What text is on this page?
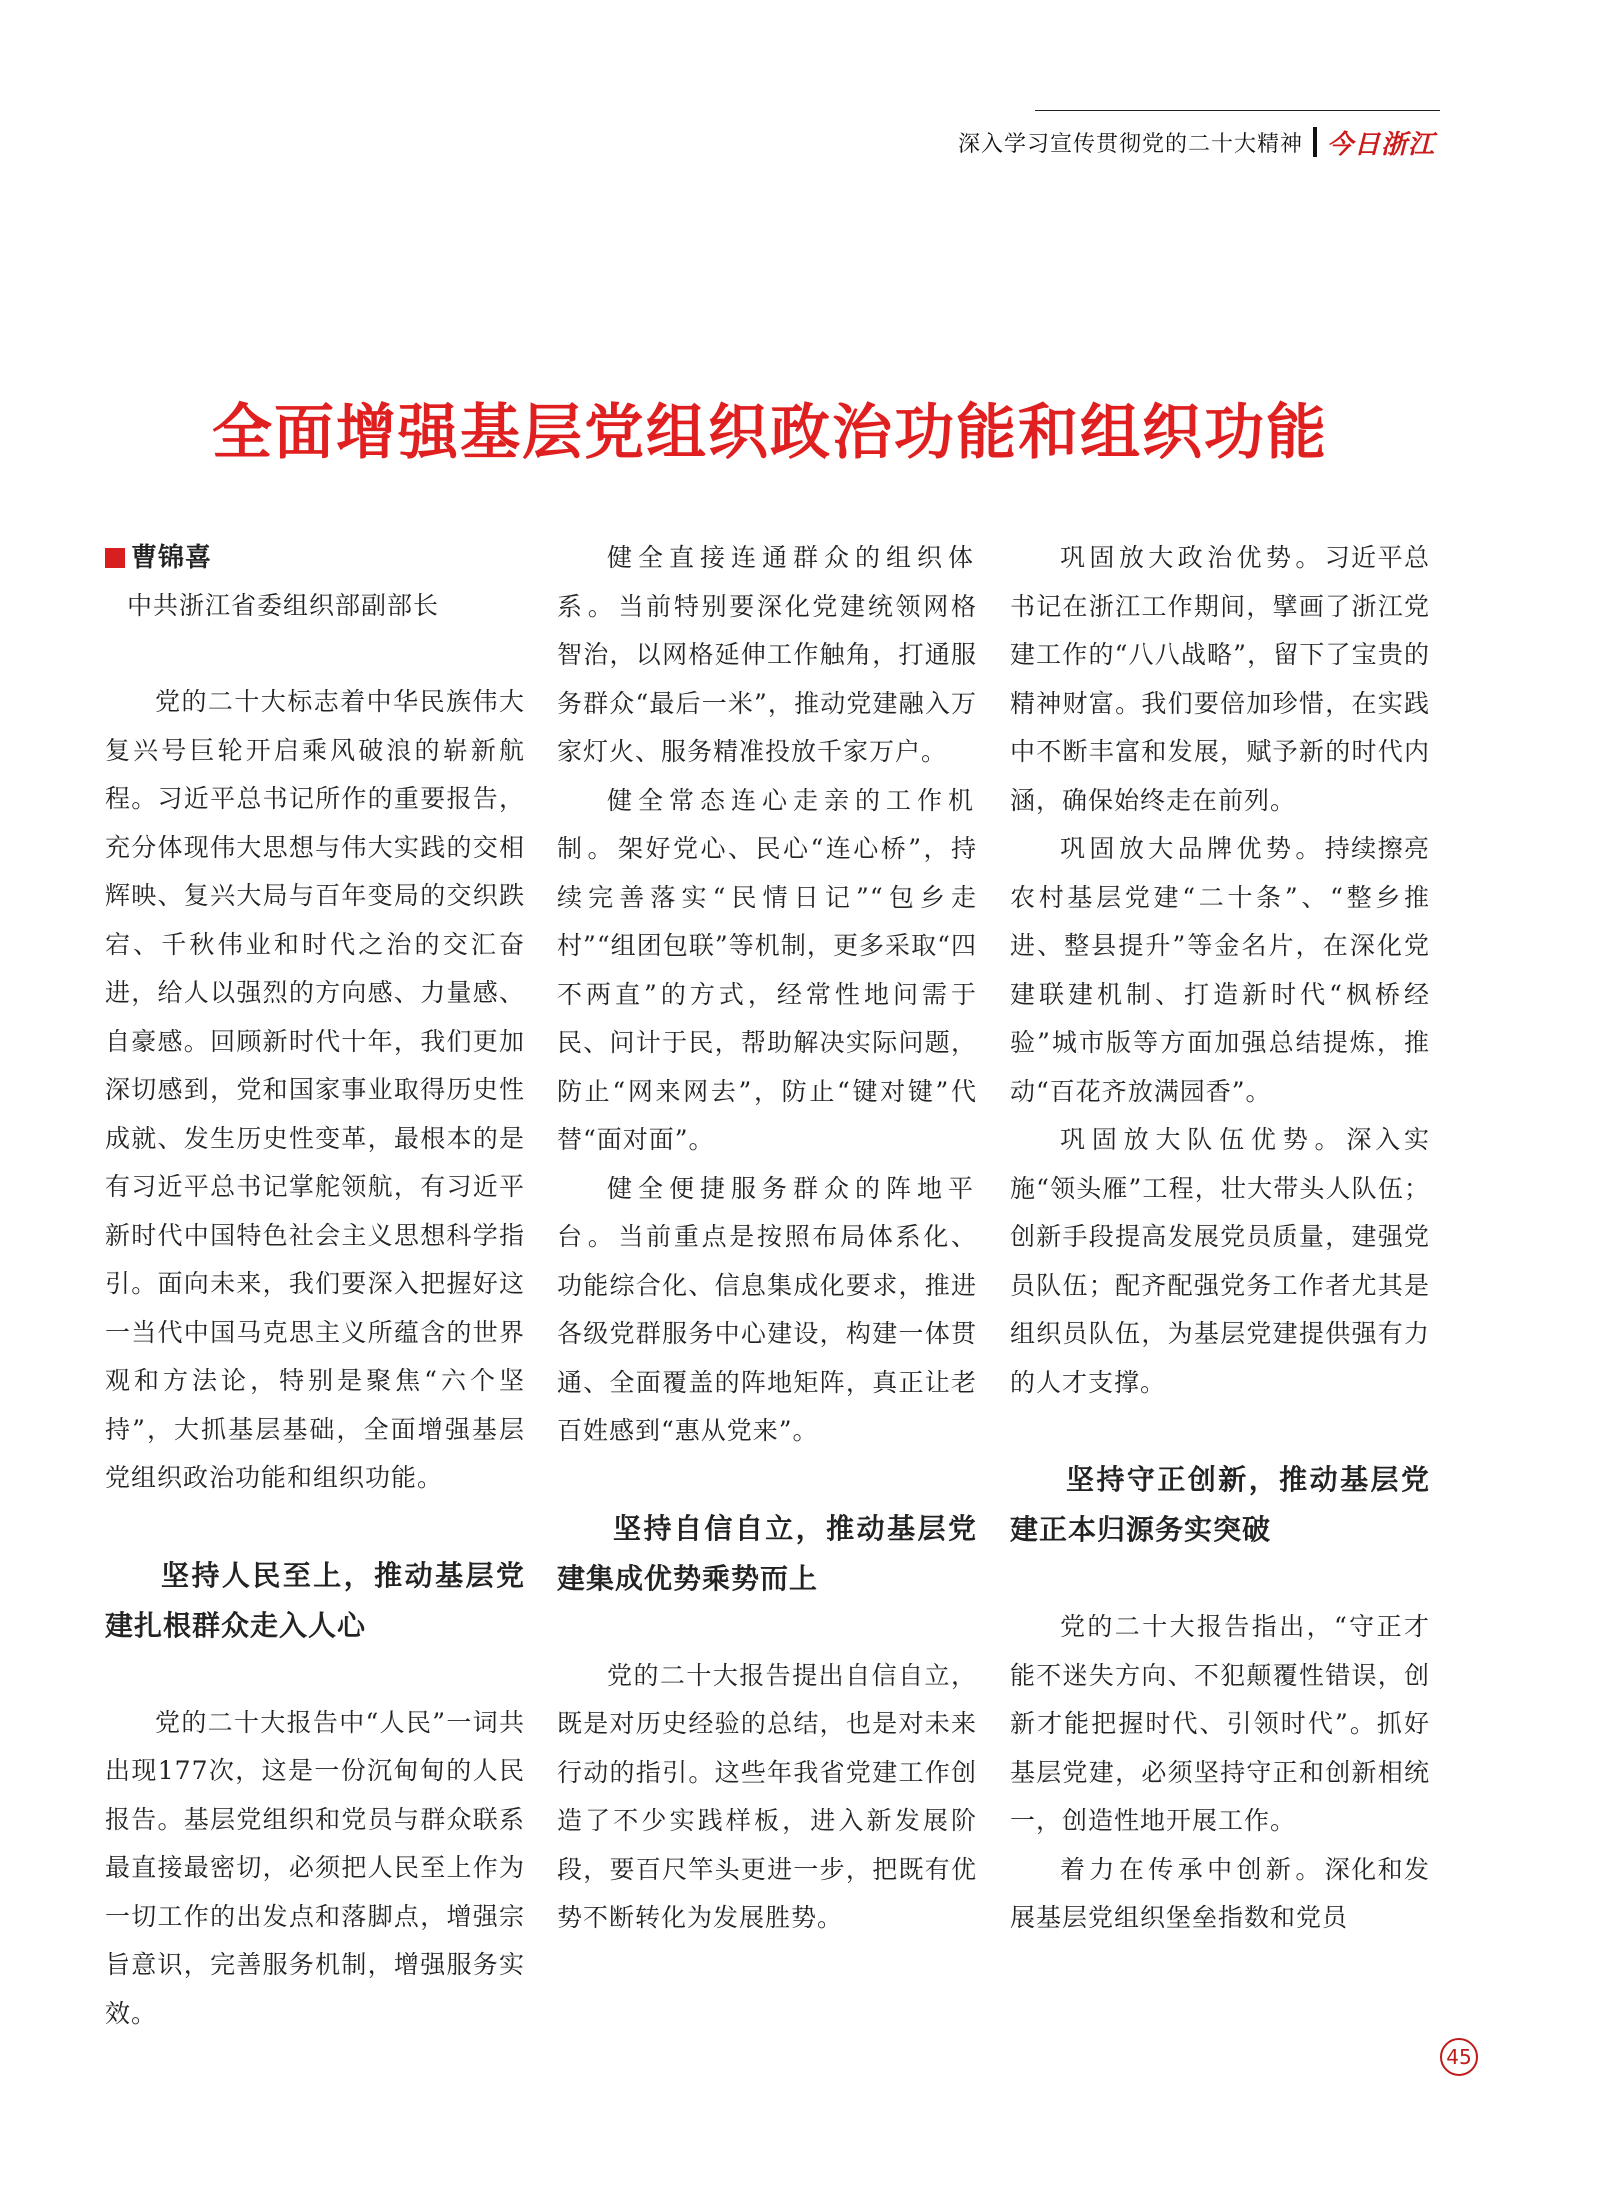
深入学习宣传贯彻党的二十大精神 今日浙江
全面增强基层党组织政治功能和组织功能
曹锦喜
中共浙江省委组织部副部长

党的二十大标志着中华民族伟大复兴号巨轮开启乘风破浪的崭新航程。习近平总书记所作的重要报告，充分体现伟大思想与伟大实践的交相辉映、复兴大局与百年变局的交织跌宕、千秋伟业和时代之治的交汇奋进，给人以强烈的方向感、力量感、自豪感。回顾新时代十年，我们更加深切感到，党和国家事业取得历史性成就、发生历史性变革，最根本的是有习近平总书记掌舵领航，有习近平新时代中国特色社会主义思想科学指引。面向未来，我们要深入把握好这一当代中国马克思主义所蕴含的世界观和方法论，特别是聚焦“六个坚持”，大抓基层基础，全面增强基层党组织政治功能和组织功能。

坚持人民至上，推动基层党建扎根群众走入人心

党的二十大报告中“人民”一词共出现177次，这是一份沉甸甸的人民报告。基层党组织和党员与群众联系最直接最密切，必须把人民至上作为一切工作的出发点和落脚点，增强宗旨意识，完善服务机制，增强服务实效。

健全直接连通群众的组织体系。当前特别要深化党建统领网格智治，以网格延伸工作触角，打通服务群众“最后一米”，推动党建融入万家灯火、服务精准投放千家万户。

健全常态连心走亲的工作机制。架好党心、民心“连心桥”，持续完善落实“民情日记”“包乡走村”“组团包联”等机制，更多采取“四不两直”的方式，经常性地问需于民、问计于民，帮助解决实际问题，防止“网来网去”，防止“键对键”代替“面对面”。

健全便捷服务群众的阵地平台。当前重点是按照布局体系化、功能综合化、信息集成化要求，推进各级党群服务中心建设，构建一体贯通、全面覆盖的阵地矩阵，真正让老百姓感到“惠从党来”。

坚持自信自立，推动基层党建集成优势乘势而上

党的二十大报告提出自信自立，既是对历史经验的总结，也是对未来行动的指引。这些年我省党建工作创造了不少实践样板，进入新发展阶段，要百尺竿头更进一步，把既有优势不断转化为发展胜势。

巩固放大政治优势。习近平总书记在浙江工作期间，擘画了浙江党建工作的“八八战略”，留下了宝贵的精神财富。我们要倍加珍惜，在实践中不断丰富和发展，赋予新的时代内涵，确保始终走在前列。

巩固放大品牌优势。持续擦亮农村基层党建“二十条”、“整乡推进、整县提升”等金名片，在深化党建联建机制、打造新时代“枫桥经验”城市版等方面加强总结提炼，推动“百花齐放满园香”。

巩固放大队伍优势。深入实施“领头雁”工程，壮大带头人队伍；创新手段提高发展党员质量，建强党员队伍；配齐配强党务工作者尤其是组织员队伍，为基层党建提供强有力的人才支撑。

坚持守正创新，推动基层党建正本归源务实突破

党的二十大报告指出，“守正才能不迷失方向、不犯颠覆性错误，创新才能把握时代、引领时代”。抓好基层党建，必须坚持守正和创新相统一，创造性地开展工作。

着力在传承中创新。深化和发展基层党组织堡垒指数和党员

45
